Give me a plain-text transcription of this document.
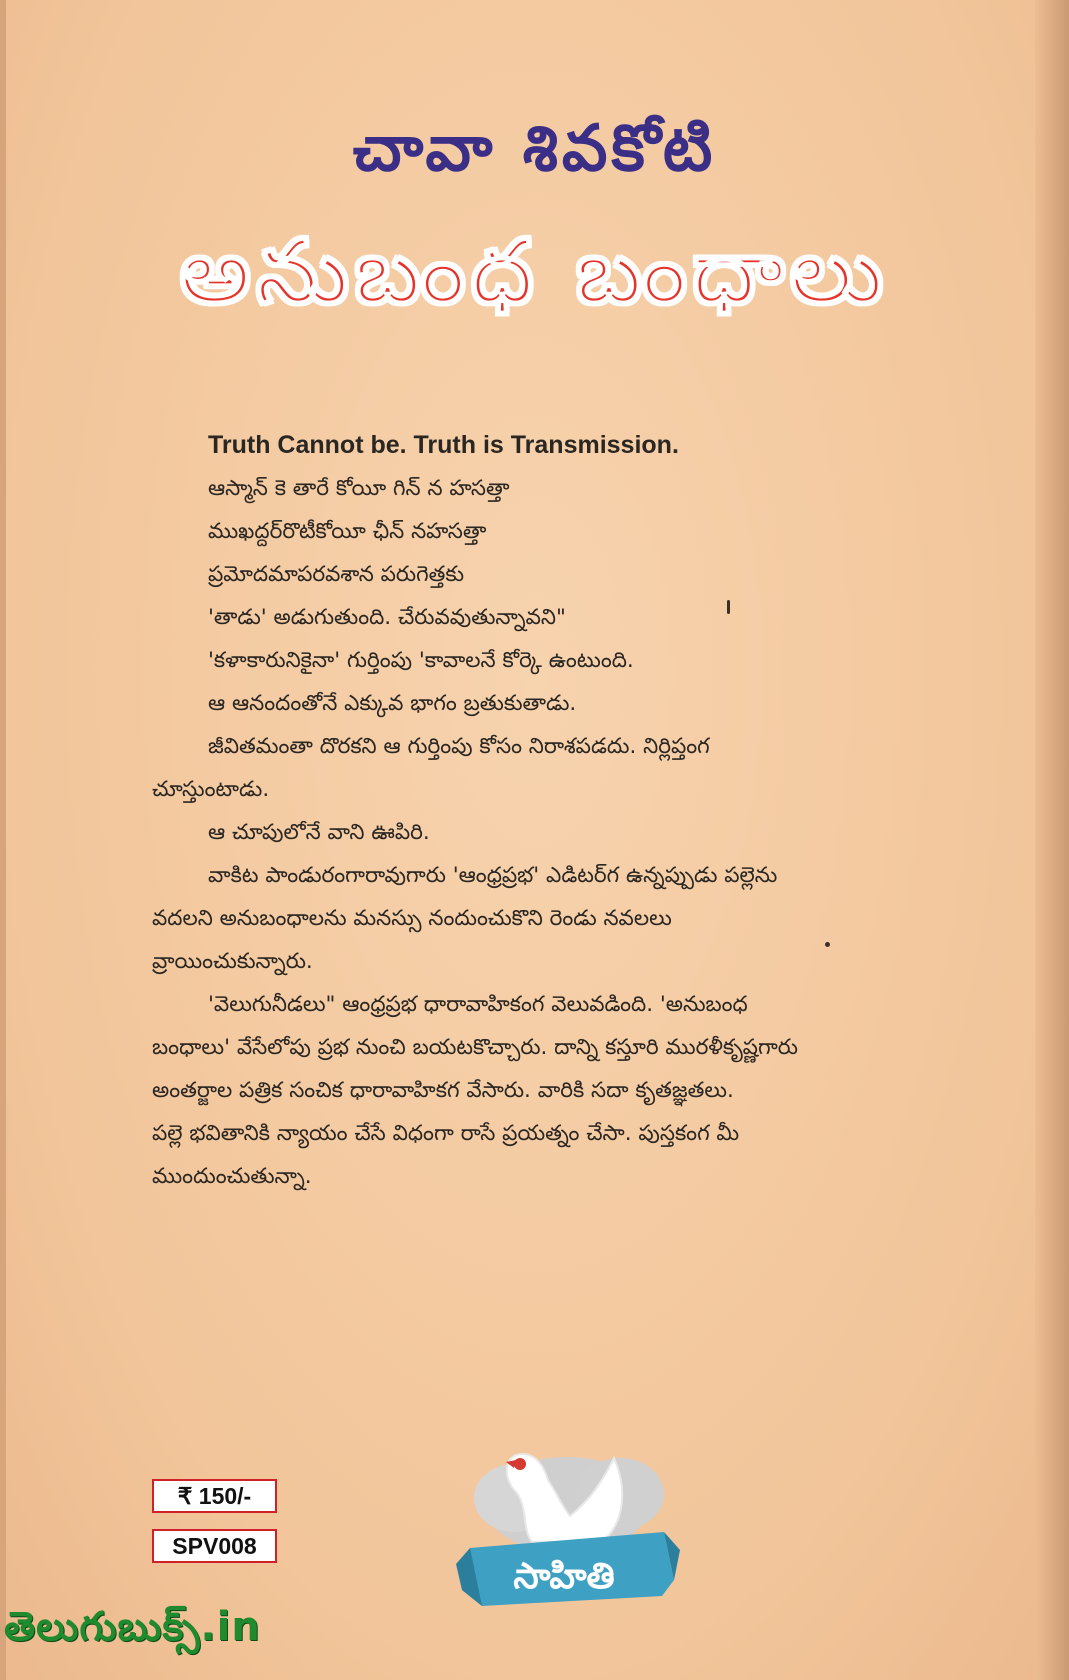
చావా శివకోటి
అనుబంధ బంధాలు
Truth Cannot be. Truth is Transmission.
ఆస్మాన్ కె తారే కోయీ గిన్ న హసత్తా
ముఖద్దర్‌రొటీకోయీ ఛీన్ నహసత్తా
ప్రమోదమాపరవశాన పరుగెత్తకు
'తాడు' అడుగుతుంది. చేరువవుతున్నావని"
'కళాకారునికైనా' గుర్తింపు 'కావాలనే కోర్కె ఉంటుంది.
ఆ ఆనందంతోనే ఎక్కువ భాగం బ్రతుకుతాడు.
జీవితమంతా దొరకని ఆ గుర్తింపు కోసం నిరాశపడదు. నిర్లిప్తంగ
చూస్తుంటాడు.
ఆ చూపులోనే వాని ఊపిరి.
వాకిట పాండురంగారావుగారు 'ఆంధ్రప్రభ' ఎడిటర్‌గ ఉన్నప్పుడు పల్లెను
వదలని అనుబంధాలను మనస్సు నందుంచుకొని రెండు నవలలు
వ్రాయించుకున్నారు.
'వెలుగునీడలు" ఆంధ్రప్రభ ధారావాహికంగ వెలువడింది. 'అనుబంధ
బంధాలు' వేసేలోపు ప్రభ నుంచి బయటకొచ్చారు. దాన్ని కస్తూరి మురళీకృష్ణగారు
అంతర్జాల పత్రిక సంచిక ధారావాహికగ వేసారు. వారికి సదా కృతజ్ఞతలు.
పల్లె భవితానికి న్యాయం చేసే విధంగా రాసే ప్రయత్నం చేసా. పుస్తకంగ మీ
ముందుంచుతున్నా.
₹ 150/-
SPV008
సాహితి
తెలుగుబుక్స్.in
